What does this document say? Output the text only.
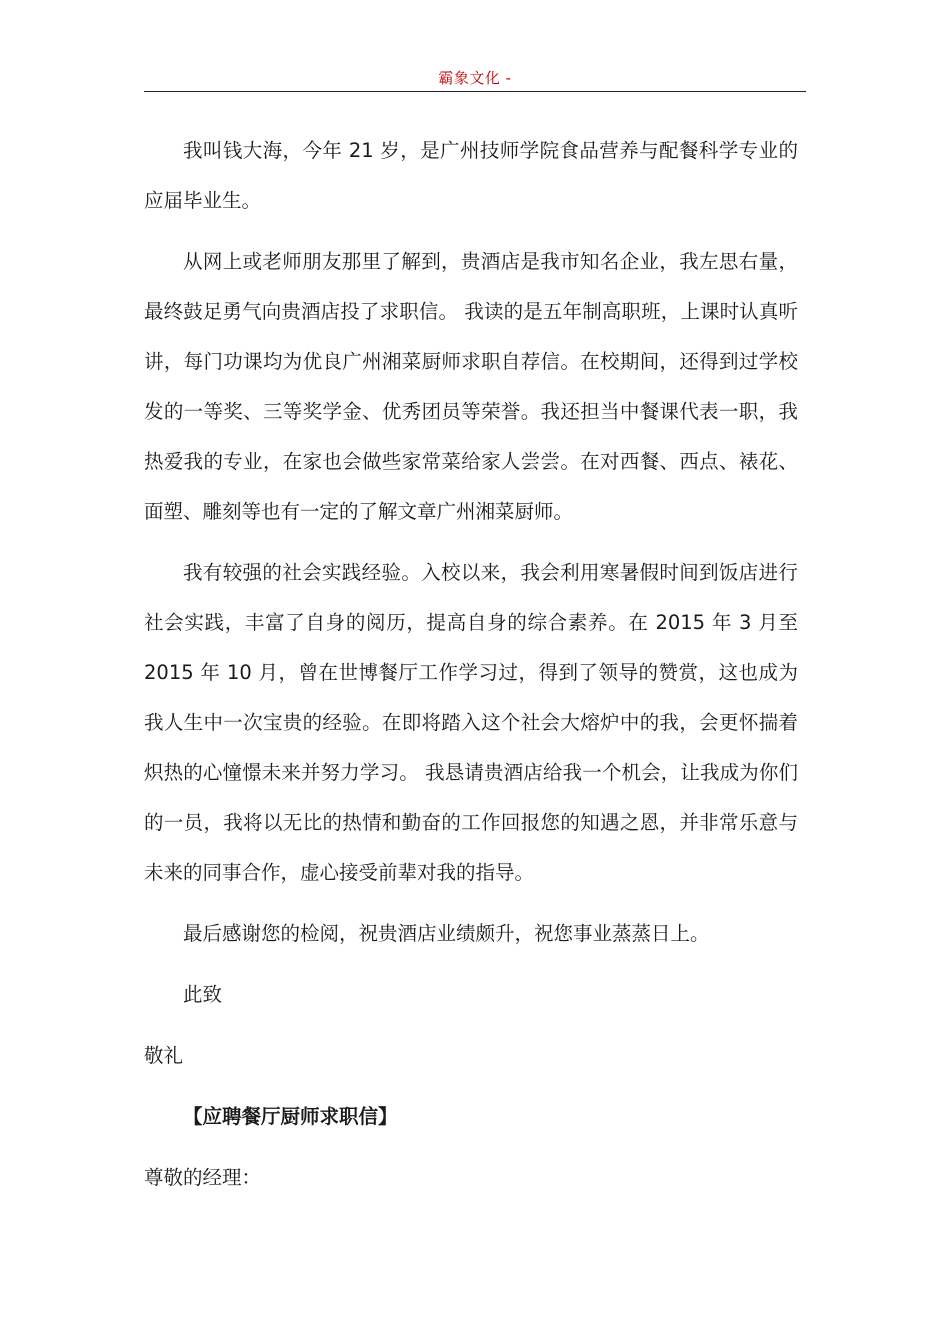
霸象文化 -

我叫钱大海，今年 21 岁，是广州技师学院食品营养与配餐科学专业的应届毕业生。

从网上或老师朋友那里了解到，贵酒店是我市知名企业，我左思右量，最终鼓足勇气向贵酒店投了求职信。 我读的是五年制高职班，上课时认真听讲，每门功课均为优良广州湘菜厨师求职自荐信。在校期间，还得到过学校发的一等奖、三等奖学金、优秀团员等荣誉。我还担当中餐课代表一职，我热爱我的专业，在家也会做些家常菜给家人尝尝。在对西餐、西点、裱花、面塑、雕刻等也有一定的了解文章广州湘菜厨师。

我有较强的社会实践经验。入校以来，我会利用寒暑假时间到饭店进行社会实践，丰富了自身的阅历，提高自身的综合素养。在 2015 年 3 月至 2015 年 10 月，曾在世博餐厅工作学习过，得到了领导的赞赏，这也成为我人生中一次宝贵的经验。在即将踏入这个社会大熔炉中的我，会更怀揣着炽热的心憧憬未来并努力学习。 我恳请贵酒店给我一个机会，让我成为你们的一员，我将以无比的热情和勤奋的工作回报您的知遇之恩，并非常乐意与未来的同事合作，虚心接受前辈对我的指导。

最后感谢您的检阅，祝贵酒店业绩颇升，祝您事业蒸蒸日上。

此致

敬礼

【应聘餐厅厨师求职信】

尊敬的经理：
